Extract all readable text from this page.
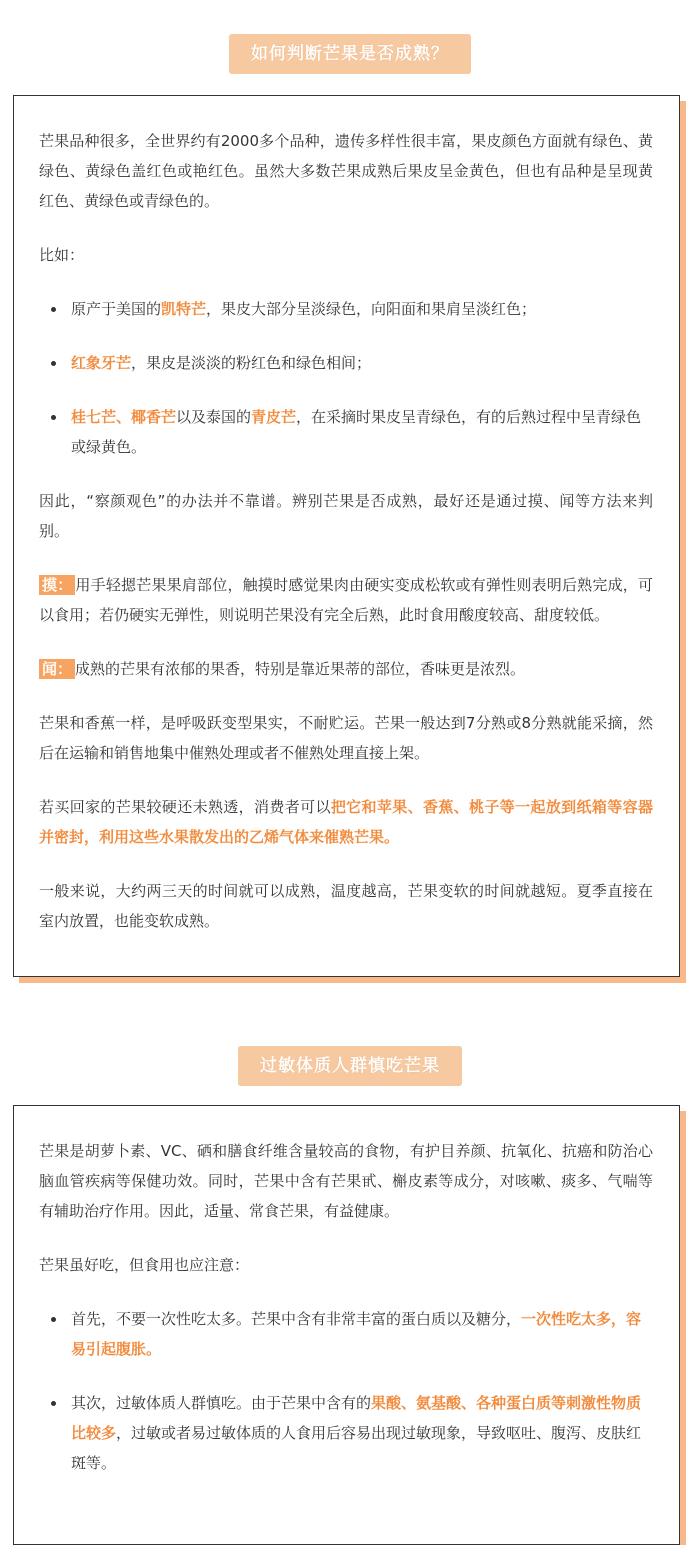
如何判断芒果是否成熟？

芒果品种很多，全世界约有2000多个品种，遗传多样性很丰富，果皮颜色方面就有绿色、黄绿色、黄绿色盖红色或艳红色。虽然大多数芒果成熟后果皮呈金黄色，但也有品种是呈现黄红色、黄绿色或青绿色的。

比如：

• 原产于美国的凯特芒，果皮大部分呈淡绿色，向阳面和果肩呈淡红色；
• 红象牙芒，果皮是淡淡的粉红色和绿色相间；
• 桂七芒、椰香芒以及泰国的青皮芒，在采摘时果皮呈青绿色，有的后熟过程中呈青绿色或绿黄色。

因此，“察颜观色”的办法并不靠谱。辨别芒果是否成熟，最好还是通过摸、闻等方法来判别。

摸： 用手轻摁芒果果肩部位，触摸时感觉果肉由硬实变成松软或有弹性则表明后熟完成，可以食用；若仍硬实无弹性，则说明芒果没有完全后熟，此时食用酸度较高、甜度较低。

闻： 成熟的芒果有浓郁的果香，特别是靠近果蒂的部位，香味更是浓烈。

芒果和香蕉一样，是呼吸跃变型果实，不耐贮运。芒果一般达到7分熟或8分熟就能采摘，然后在运输和销售地集中催熟处理或者不催熟处理直接上架。

若买回家的芒果较硬还未熟透，消费者可以把它和苹果、香蕉、桃子等一起放到纸箱等容器并密封，利用这些水果散发出的乙烯气体来催熟芒果。

一般来说，大约两三天的时间就可以成熟，温度越高，芒果变软的时间就越短。夏季直接在室内放置，也能变软成熟。

过敏体质人群慎吃芒果

芒果是胡萝卜素、VC、硒和膳食纤维含量较高的食物，有护目养颜、抗氧化、抗癌和防治心脑血管疾病等保健功效。同时，芒果中含有芒果甙、槲皮素等成分，对咳嗽、痰多、气喘等有辅助治疗作用。因此，适量、常食芒果，有益健康。

芒果虽好吃，但食用也应注意：

• 首先，不要一次性吃太多。芒果中含有非常丰富的蛋白质以及糖分，一次性吃太多，容易引起腹胀。
• 其次，过敏体质人群慎吃。由于芒果中含有的果酸、氨基酸、各种蛋白质等刺激性物质比较多，过敏或者易过敏体质的人食用后容易出现过敏现象，导致呕吐、腹泻、皮肤红斑等。
